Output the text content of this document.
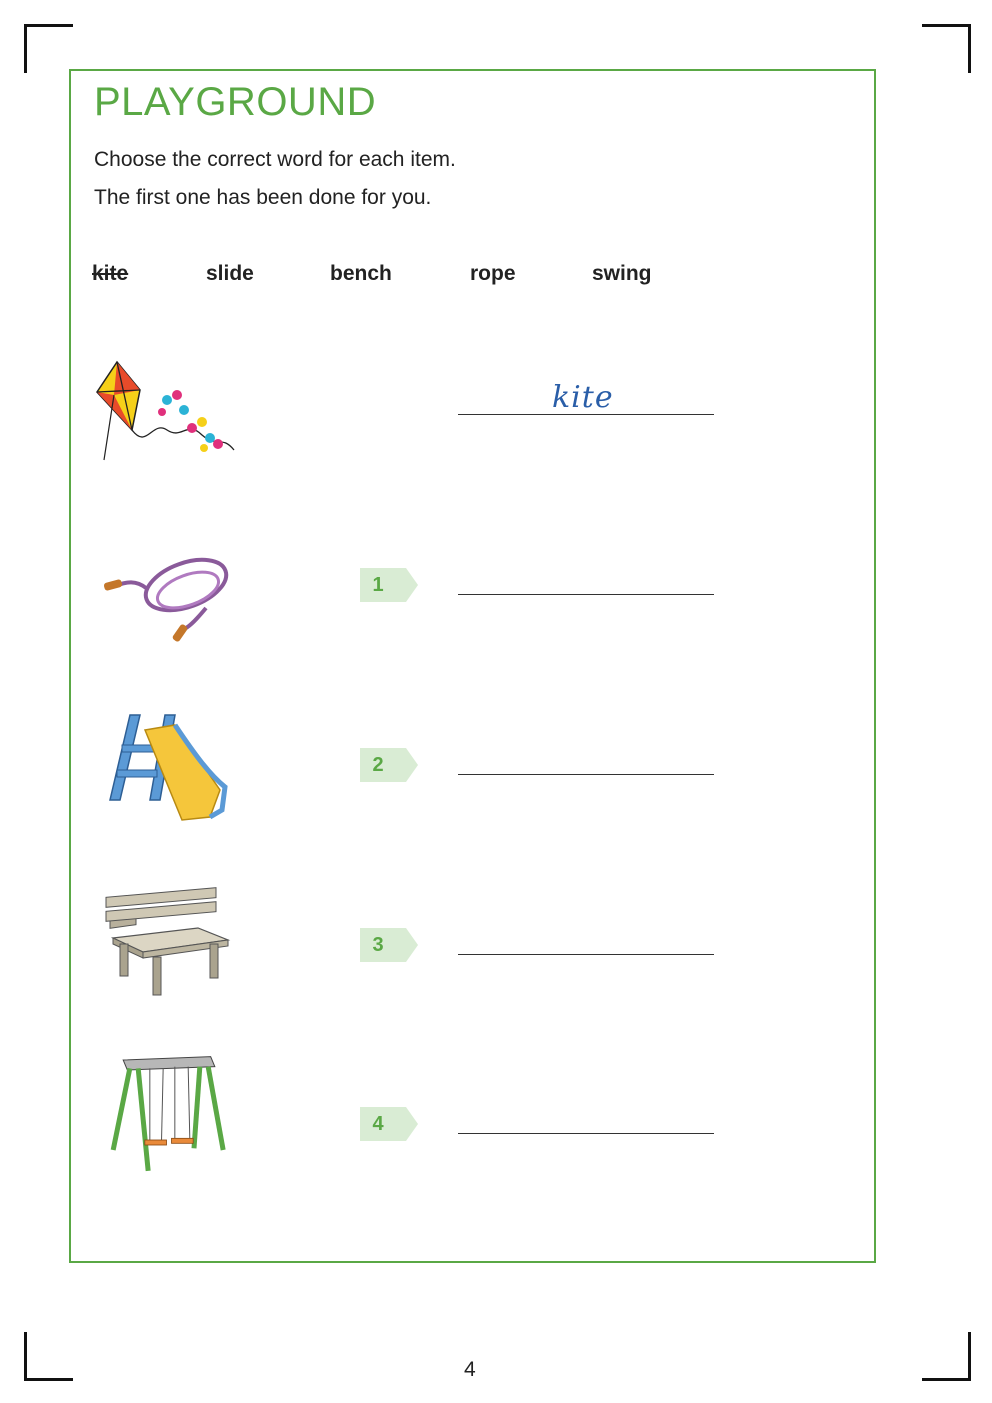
PLAYGROUND

Choose the correct word for each item.

The first one has been done for you.

kite	slide	bench	rope	swing
kite
1
2
3
4
4
